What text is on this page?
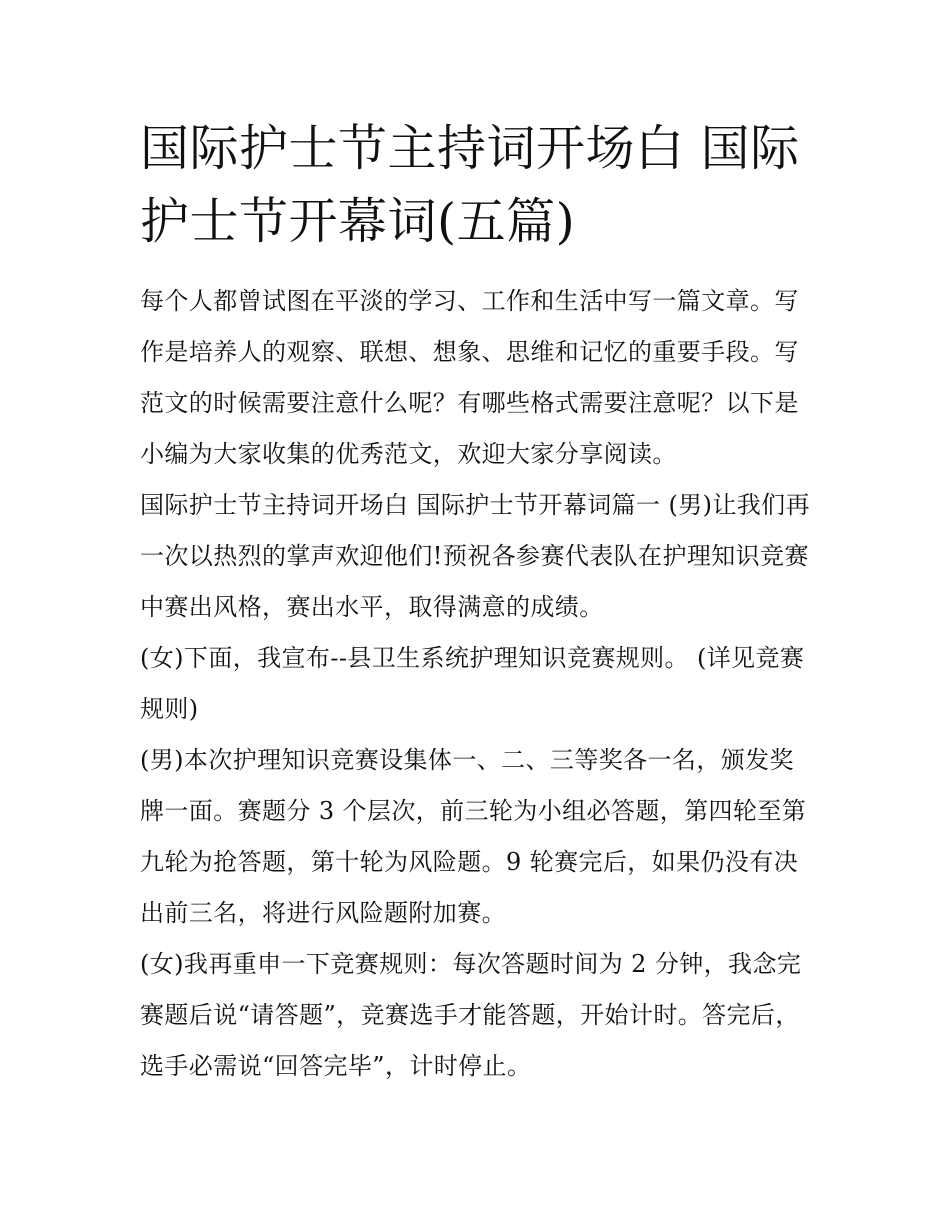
国际护士节主持词开场白 国际护士节开幕词(五篇)

每个人都曾试图在平淡的学习、工作和生活中写一篇文章。写作是培养人的观察、联想、想象、思维和记忆的重要手段。写范文的时候需要注意什么呢？有哪些格式需要注意呢？以下是小编为大家收集的优秀范文，欢迎大家分享阅读。

国际护士节主持词开场白 国际护士节开幕词篇一 (男)让我们再一次以热烈的掌声欢迎他们!预祝各参赛代表队在护理知识竞赛中赛出风格，赛出水平，取得满意的成绩。

(女)下面，我宣布--县卫生系统护理知识竞赛规则。 (详见竞赛规则)

(男)本次护理知识竞赛设集体一、二、三等奖各一名，颁发奖牌一面。赛题分 3 个层次，前三轮为小组必答题，第四轮至第九轮为抢答题，第十轮为风险题。9 轮赛完后，如果仍没有决出前三名，将进行风险题附加赛。

(女)我再重申一下竞赛规则：每次答题时间为 2 分钟，我念完赛题后说“请答题”，竞赛选手才能答题，开始计时。答完后，选手必需说“回答完毕”，计时停止。
